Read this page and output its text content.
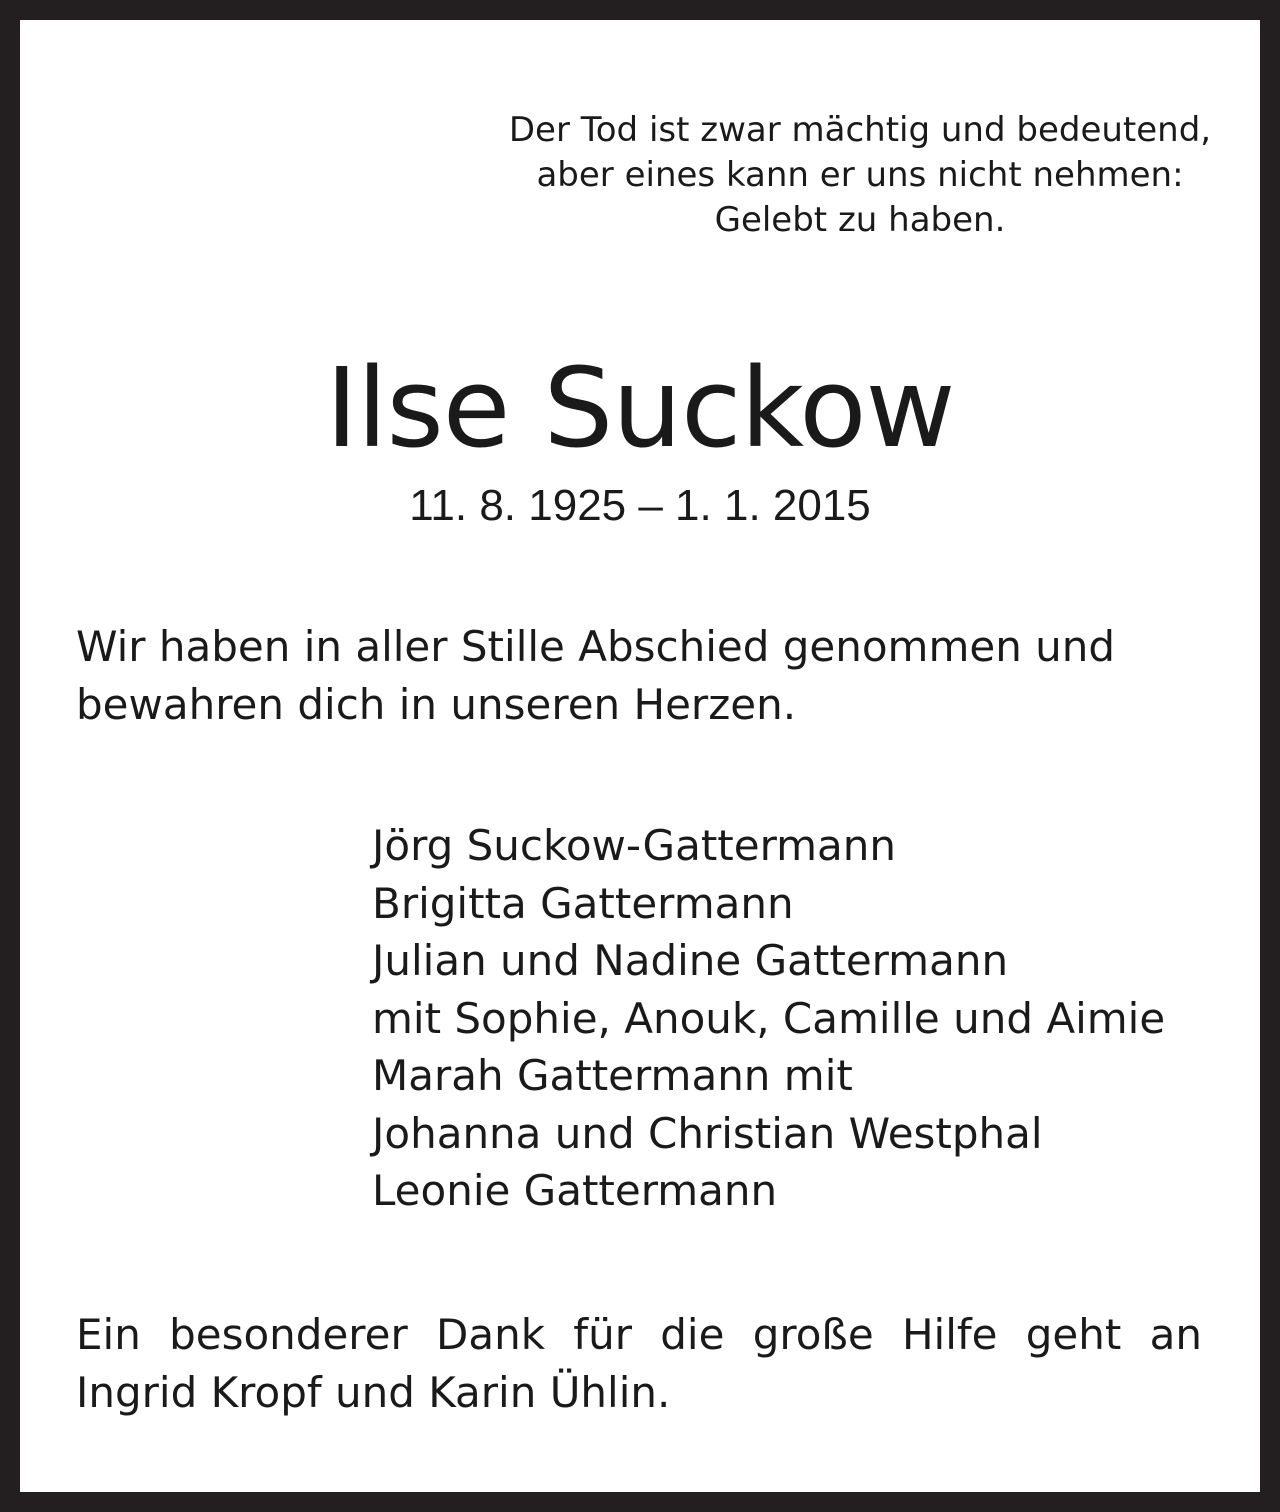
Der Tod ist zwar mächtig und bedeutend,
aber eines kann er uns nicht nehmen:
Gelebt zu haben.
Ilse Suckow
11. 8. 1925 – 1. 1. 2015
Wir haben in aller Stille Abschied genommen und
bewahren dich in unseren Herzen.
Jörg Suckow-Gattermann
Brigitta Gattermann
Julian und Nadine Gattermann
mit Sophie, Anouk, Camille und Aimie
Marah Gattermann mit
Johanna und Christian Westphal
Leonie Gattermann
Ein besonderer Dank für die große Hilfe geht an
Ingrid Kropf und Karin Ühlin.
